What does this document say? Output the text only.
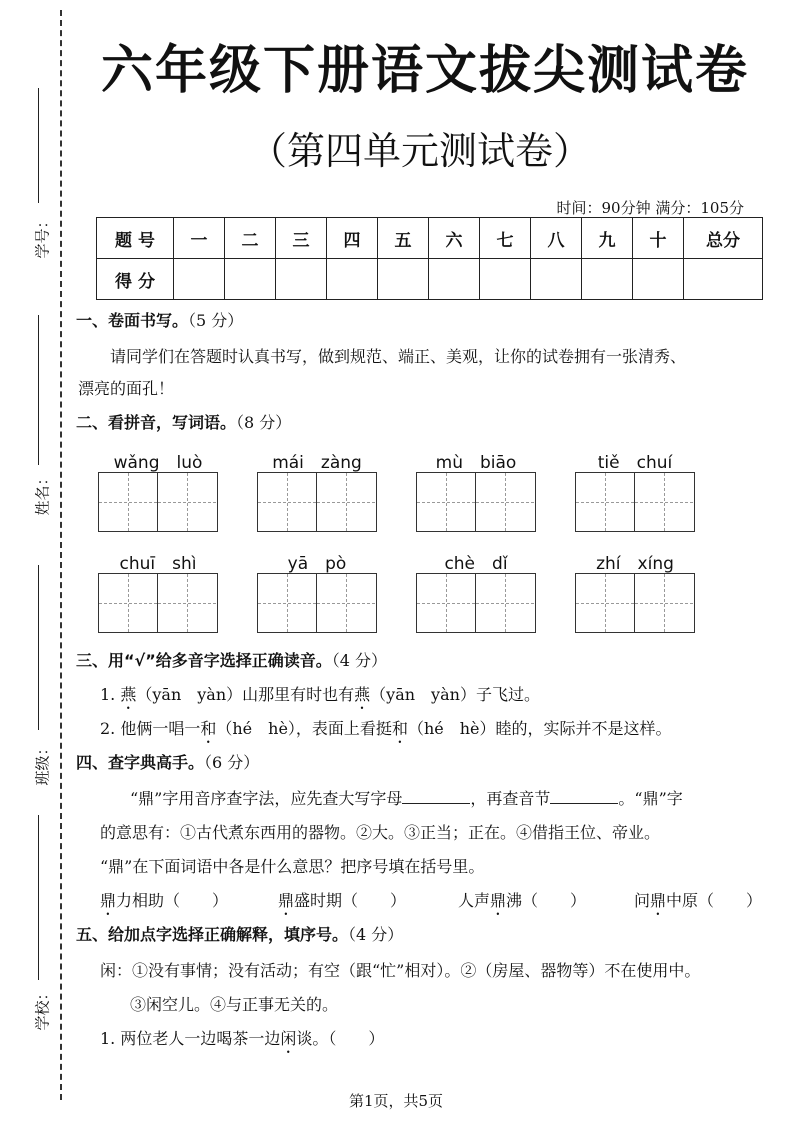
学号：
姓名：
班级：
学校：
六年级下册语文拔尖测试卷
（第四单元测试卷）
时间：90分钟 满分：105分
题 号	一	二	三	四	五	六	七	八	九	十	总分
得 分											
一、卷面书写。（5 分）
请同学们在答题时认真书写，做到规范、端正、美观，让你的试卷拥有一张清秀、
漂亮的面孔！
二、看拼音，写词语。（8 分）
wǎng　 luò	mái　 zàng	mù　 biāo	tiě　 chuí
chuī　 shì	yā　 pò	chè　 dǐ	zhí　 xíng
三、用“√”给多音字选择正确读音。（4 分）
1. 燕（yān　yàn）山那里有时也有燕（yān　yàn）子飞过。
2. 他俩一唱一和（hé　hè），表面上看挺和（hé　hè）睦的，实际并不是这样。
四、查字典高手。（6 分）
“鼎”字用音序查字法，应先查大写字母	，再查音节	。“鼎”字
的意思有：①古代煮东西用的器物。②大。③正当；正在。④借指王位、帝业。
“鼎”在下面词语中各是什么意思？把序号填在括号里。
鼎力相助（　　）	鼎盛时期（　　）	人声鼎沸（　　）	问鼎中原（　　）
五、给加点字选择正确解释，填序号。（4 分）
闲：①没有事情；没有活动；有空（跟“忙”相对）。②（房屋、器物等）不在使用中。
③闲空儿。④与正事无关的。
1. 两位老人一边喝茶一边闲谈。（　　）
第1页，共5页
